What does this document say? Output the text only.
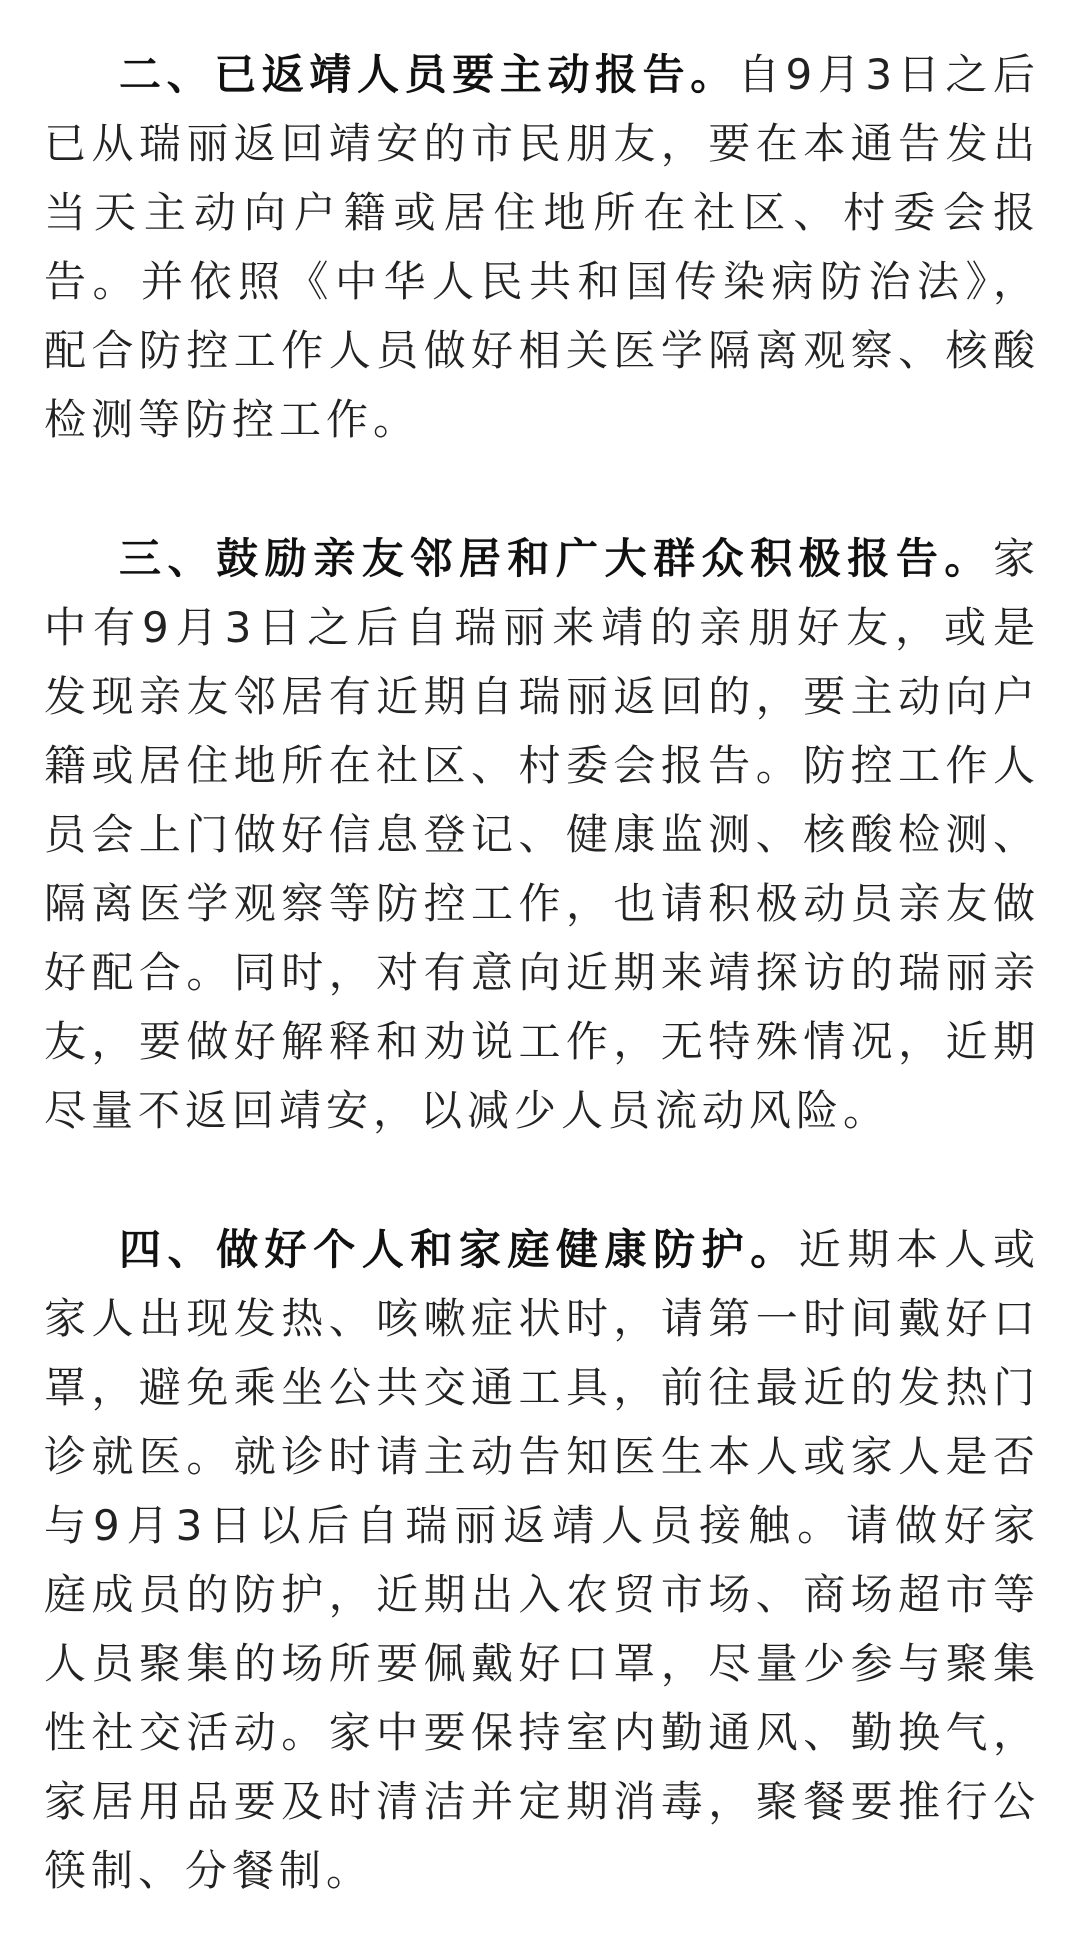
二、已返靖人员要主动报告。自9月3日之后已从瑞丽返回靖安的市民朋友，要在本通告发出当天主动向户籍或居住地所在社区、村委会报告。并依照《中华人民共和国传染病防治法》，配合防控工作人员做好相关医学隔离观察、核酸检测等防控工作。

三、鼓励亲友邻居和广大群众积极报告。家中有9月3日之后自瑞丽来靖的亲朋好友，或是发现亲友邻居有近期自瑞丽返回的，要主动向户籍或居住地所在社区、村委会报告。防控工作人员会上门做好信息登记、健康监测、核酸检测、隔离医学观察等防控工作，也请积极动员亲友做好配合。同时，对有意向近期来靖探访的瑞丽亲友，要做好解释和劝说工作，无特殊情况，近期尽量不返回靖安，以减少人员流动风险。

四、做好个人和家庭健康防护。近期本人或家人出现发热、咳嗽症状时，请第一时间戴好口罩，避免乘坐公共交通工具，前往最近的发热门诊就医。就诊时请主动告知医生本人或家人是否与9月3日以后自瑞丽返靖人员接触。请做好家庭成员的防护，近期出入农贸市场、商场超市等人员聚集的场所要佩戴好口罩，尽量少参与聚集性社交活动。家中要保持室内勤通风、勤换气，家居用品要及时清洁并定期消毒，聚餐要推行公筷制、分餐制。
